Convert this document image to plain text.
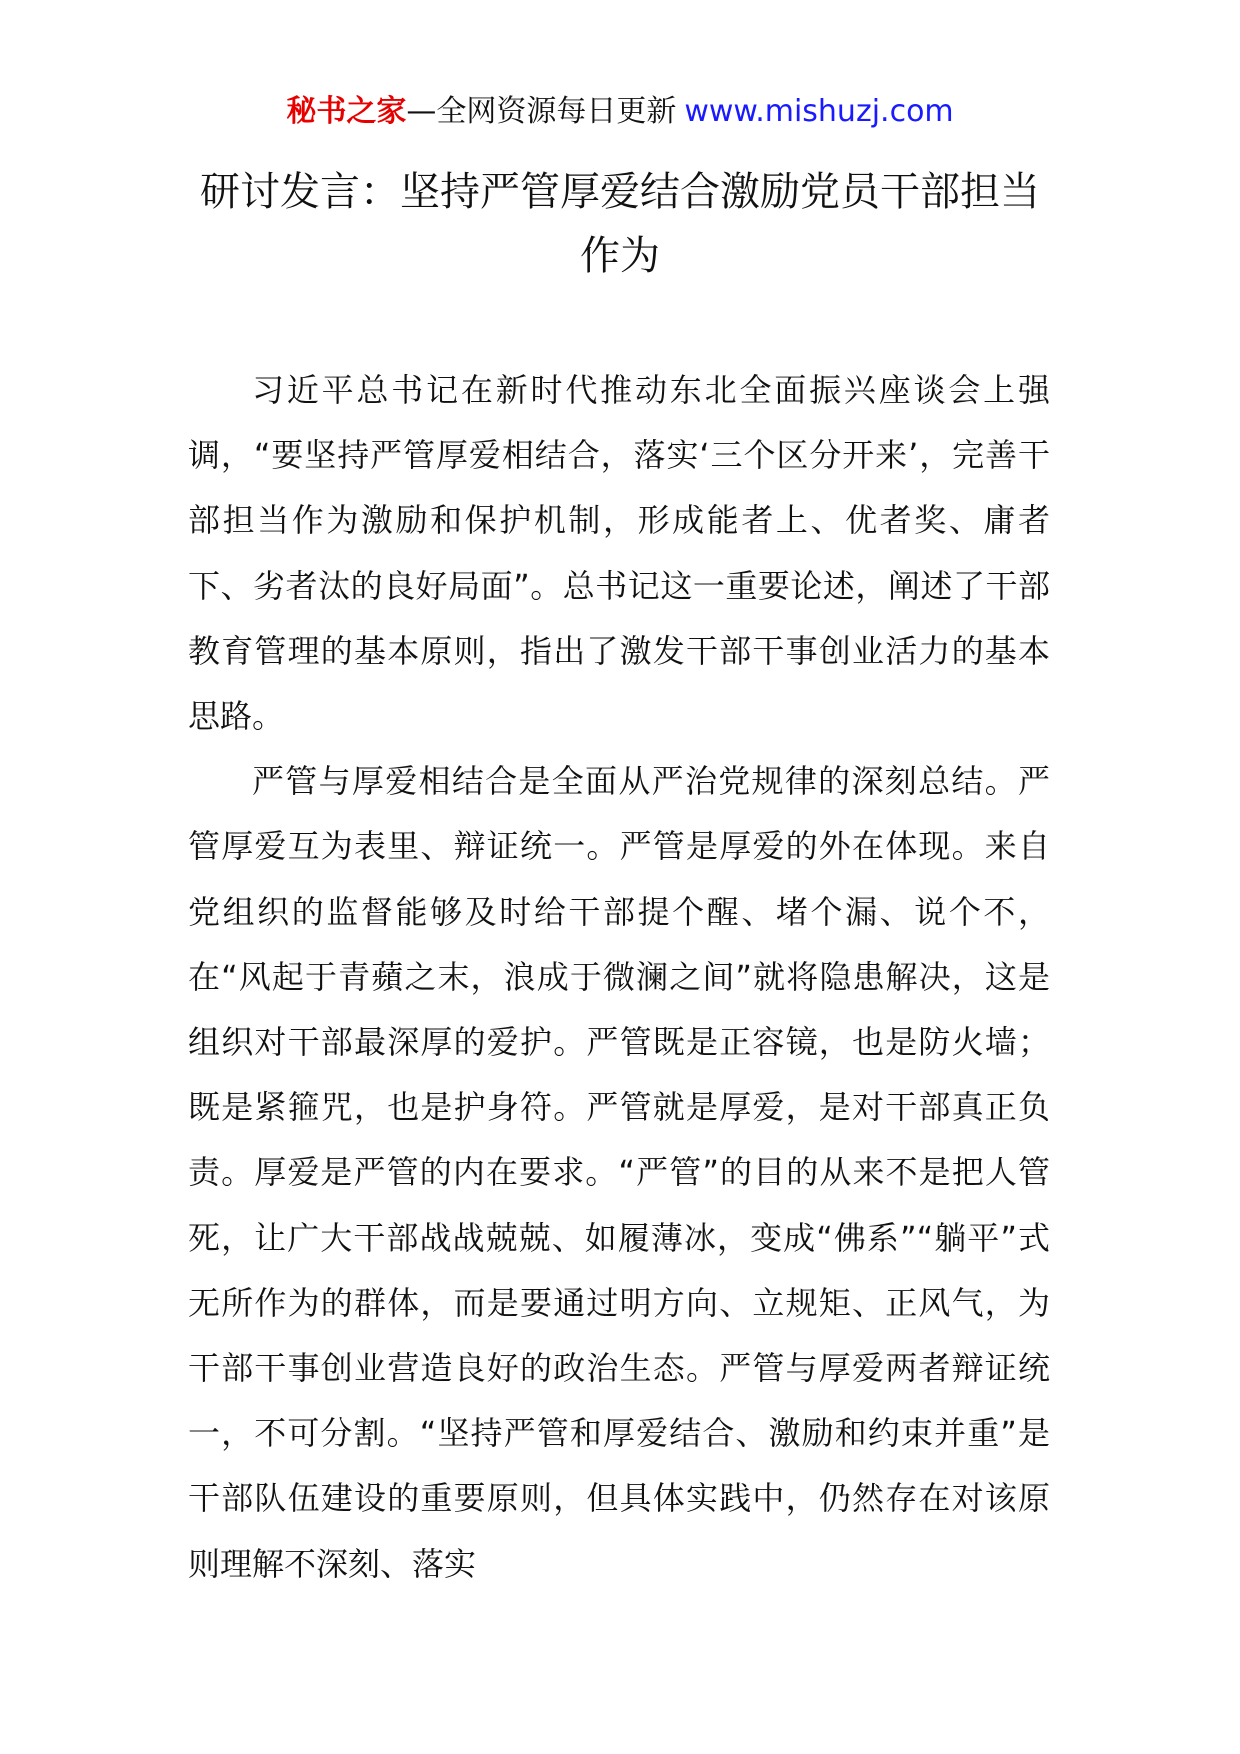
秘书之家—全网资源每日更新 www.mishuzj.com
研讨发言：坚持严管厚爱结合激励党员干部担当作为

习近平总书记在新时代推动东北全面振兴座谈会上强调，“要坚持严管厚爱相结合，落实‘三个区分开来’，完善干部担当作为激励和保护机制，形成能者上、优者奖、庸者下、劣者汰的良好局面”。总书记这一重要论述，阐述了干部教育管理的基本原则，指出了激发干部干事创业活力的基本思路。

严管与厚爱相结合是全面从严治党规律的深刻总结。严管厚爱互为表里、辩证统一。严管是厚爱的外在体现。来自党组织的监督能够及时给干部提个醒、堵个漏、说个不，在“风起于青蘋之末，浪成于微澜之间”就将隐患解决，这是组织对干部最深厚的爱护。严管既是正容镜，也是防火墙；既是紧箍咒，也是护身符。严管就是厚爱，是对干部真正负责。厚爱是严管的内在要求。“严管”的目的从来不是把人管死，让广大干部战战兢兢、如履薄冰，变成“佛系”“躺平”式无所作为的群体，而是要通过明方向、立规矩、正风气，为干部干事创业营造良好的政治生态。严管与厚爱两者辩证统一，不可分割。“坚持严管和厚爱结合、激励和约束并重”是干部队伍建设的重要原则，但具体实践中，仍然存在对该原则理解不深刻、落实
